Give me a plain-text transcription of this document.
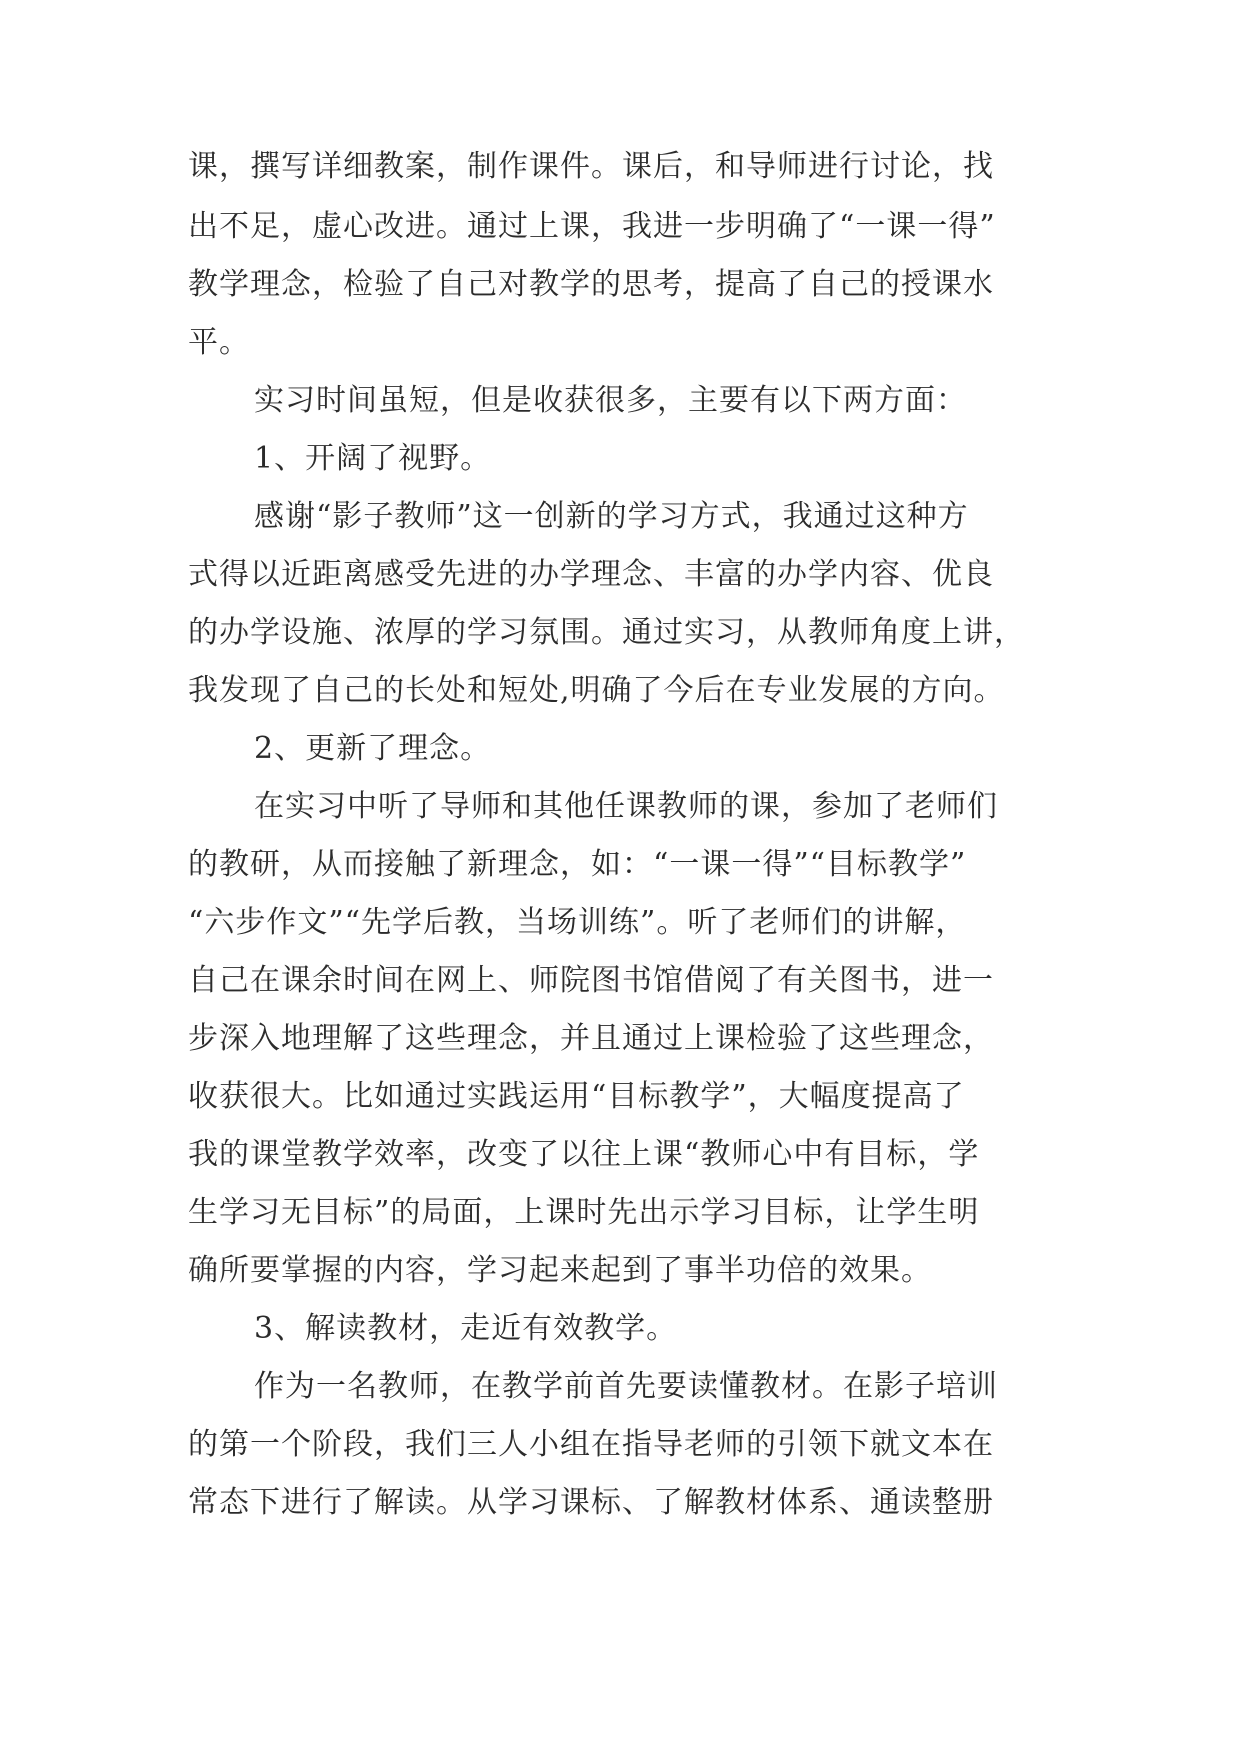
课，撰写详细教案，制作课件。课后，和导师进行讨论，找
出不足，虚心改进。通过上课，我进一步明确了“一课一得”
教学理念，检验了自己对教学的思考，提高了自己的授课水
平。
实习时间虽短，但是收获很多，主要有以下两方面：
1、开阔了视野。
感谢“影子教师”这一创新的学习方式，我通过这种方
式得以近距离感受先进的办学理念、丰富的办学内容、优良
的办学设施、浓厚的学习氛围。通过实习，从教师角度上讲，
我发现了自己的长处和短处,明确了今后在专业发展的方向。
2、更新了理念。
在实习中听了导师和其他任课教师的课，参加了老师们
的教研，从而接触了新理念，如：“一课一得”“目标教学”
“六步作文”“先学后教，当场训练”。听了老师们的讲解，
自己在课余时间在网上、师院图书馆借阅了有关图书，进一
步深入地理解了这些理念，并且通过上课检验了这些理念，
收获很大。比如通过实践运用“目标教学”，大幅度提高了
我的课堂教学效率，改变了以往上课“教师心中有目标，学
生学习无目标”的局面，上课时先出示学习目标，让学生明
确所要掌握的内容，学习起来起到了事半功倍的效果。
3、解读教材，走近有效教学。
作为一名教师，在教学前首先要读懂教材。在影子培训
的第一个阶段，我们三人小组在指导老师的引领下就文本在
常态下进行了解读。从学习课标、了解教材体系、通读整册
